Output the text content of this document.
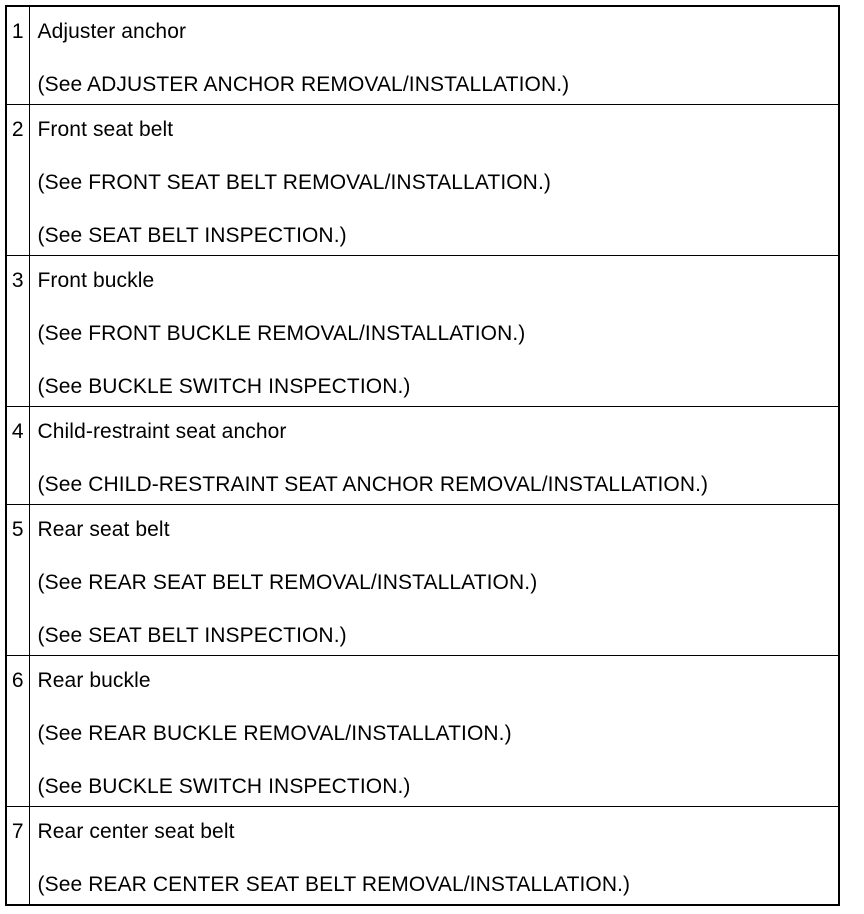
1	Adjuster anchor
(See ADJUSTER ANCHOR REMOVAL/INSTALLATION.)

2	Front seat belt
(See FRONT SEAT BELT REMOVAL/INSTALLATION.)
(See SEAT BELT INSPECTION.)

3	Front buckle
(See FRONT BUCKLE REMOVAL/INSTALLATION.)
(See BUCKLE SWITCH INSPECTION.)

4	Child-restraint seat anchor
(See CHILD-RESTRAINT SEAT ANCHOR REMOVAL/INSTALLATION.)

5	Rear seat belt
(See REAR SEAT BELT REMOVAL/INSTALLATION.)
(See SEAT BELT INSPECTION.)

6	Rear buckle
(See REAR BUCKLE REMOVAL/INSTALLATION.)
(See BUCKLE SWITCH INSPECTION.)

7	Rear center seat belt
(See REAR CENTER SEAT BELT REMOVAL/INSTALLATION.)
